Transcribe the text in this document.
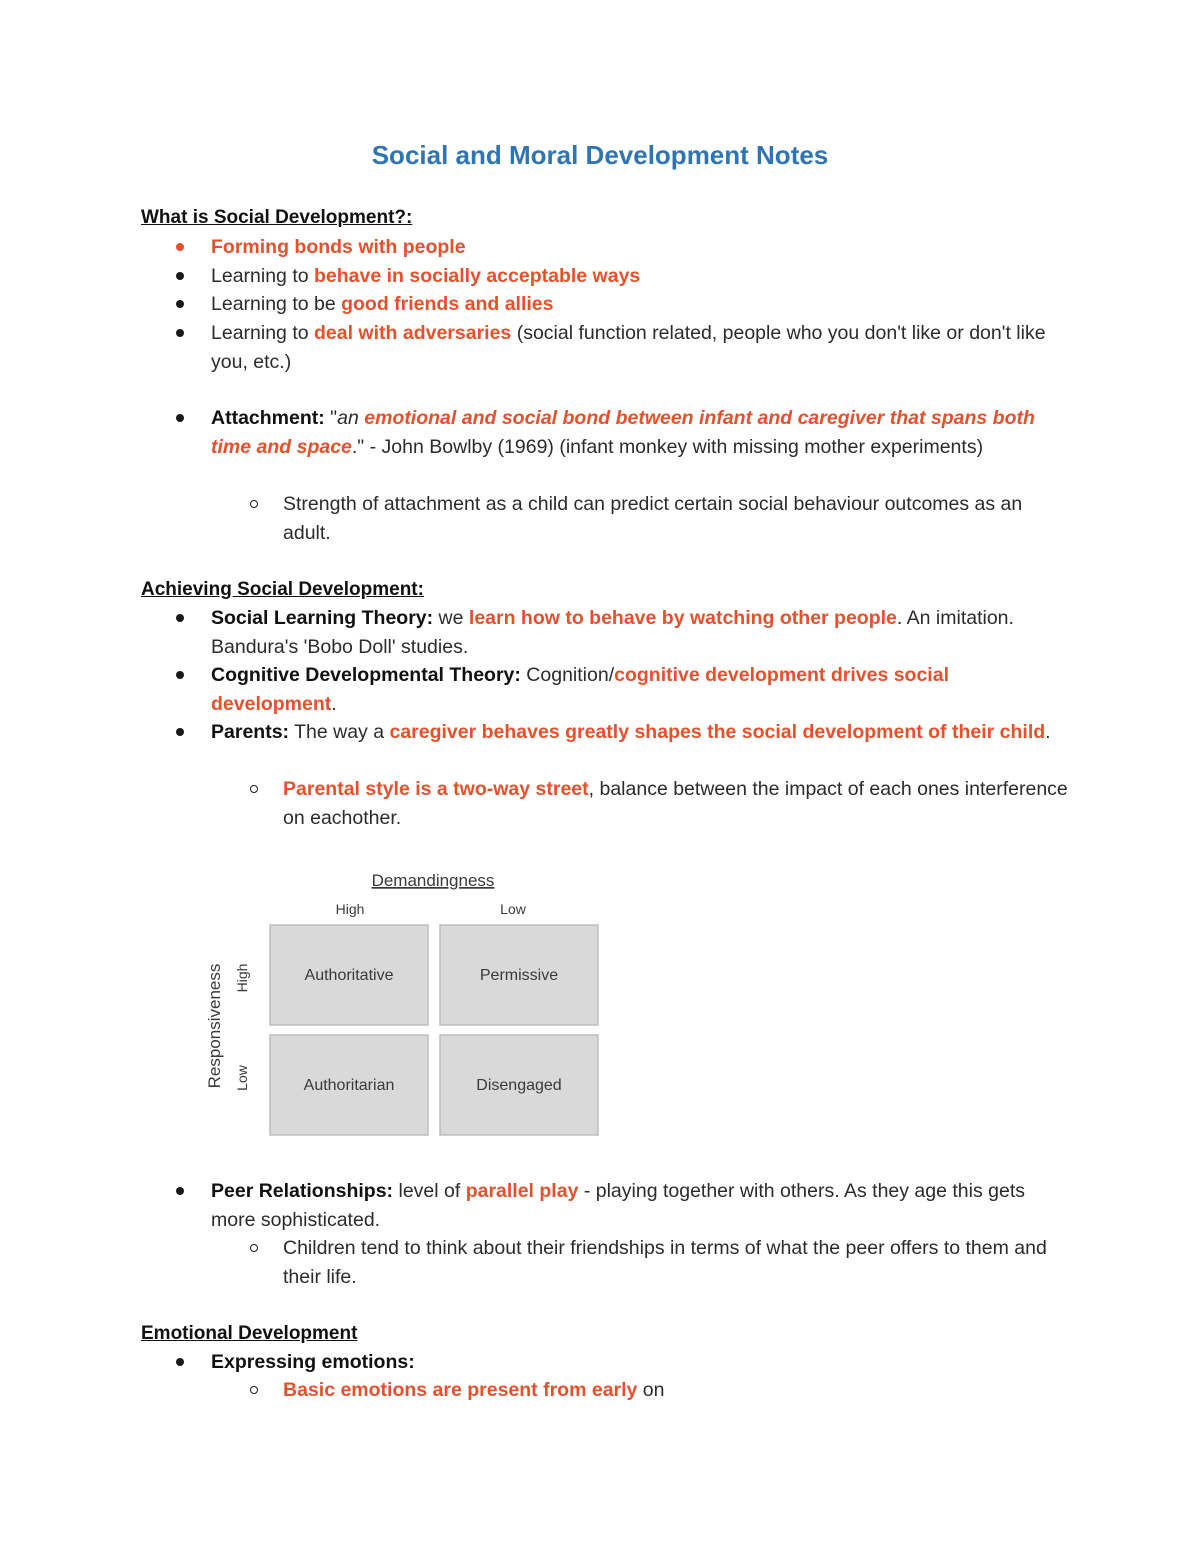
Social and Moral Development Notes
What is Social Development?:
Forming bonds with people
Learning to behave in socially acceptable ways
Learning to be good friends and allies
Learning to deal with adversaries (social function related, people who you don't like or don't like you, etc.)
Attachment: "an emotional and social bond between infant and caregiver that spans both time and space." - John Bowlby (1969) (infant monkey with missing mother experiments)
Strength of attachment as a child can predict certain social behaviour outcomes as an adult.
Achieving Social Development:
Social Learning Theory: we learn how to behave by watching other people. An imitation. Bandura's 'Bobo Doll' studies.
Cognitive Developmental Theory: Cognition/cognitive development drives social development.
Parents: The way a caregiver behaves greatly shapes the social development of their child.
Parental style is a two-way street, balance between the impact of each ones interference on eachother.
Demandingness
High	Low
Responsiveness High
Low
Authoritative	Permissive
Authoritarian	Disengaged
Peer Relationships: level of parallel play - playing together with others. As they age this gets more sophisticated.
Children tend to think about their friendships in terms of what the peer offers to them and their life.
Emotional Development
Expressing emotions:
Basic emotions are present from early on
